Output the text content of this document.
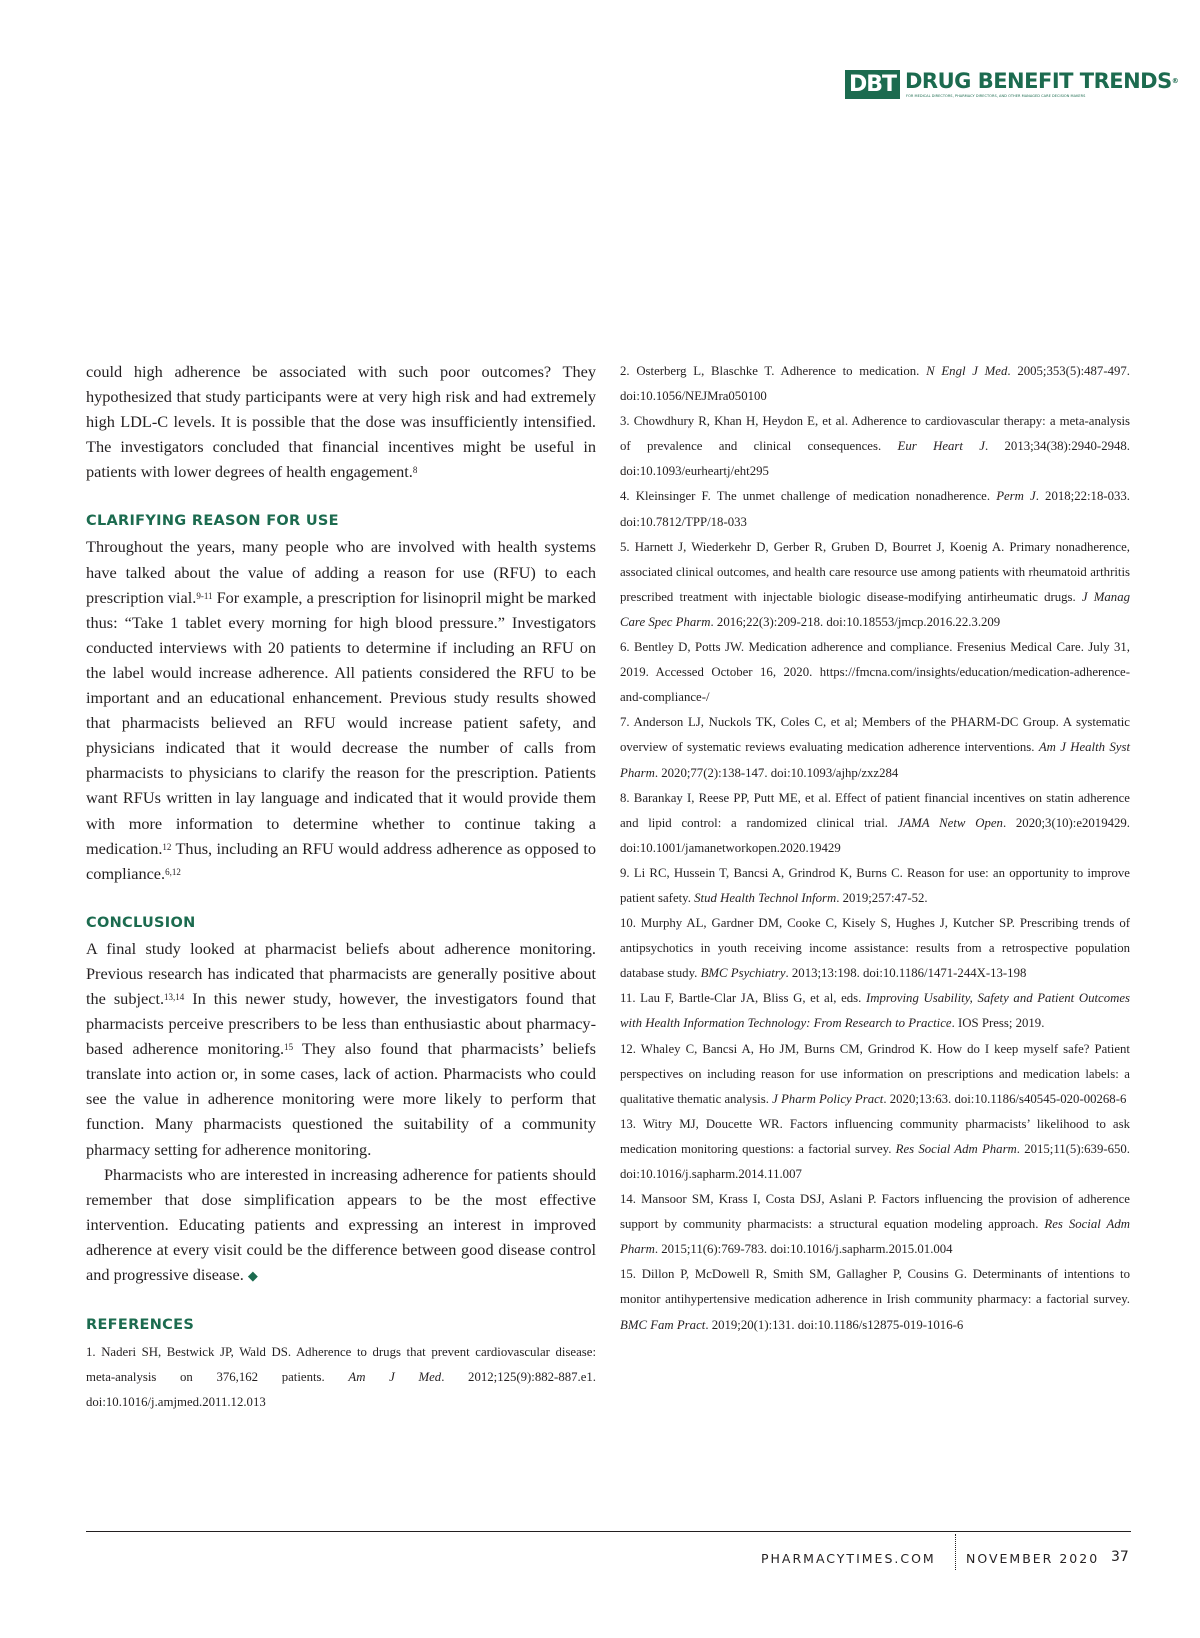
DBT DRUG BENEFIT TRENDS®
FOR MEDICAL DIRECTORS, PHARMACY DIRECTORS, AND OTHER MANAGED CARE DECISION MAKERS

could high adherence be associated with such poor outcomes? They hypothesized that study participants were at very high risk and had extremely high LDL-C levels. It is possible that the dose was insufficiently intensified. The investigators concluded that financial incentives might be useful in patients with lower degrees of health engagement.$^8$

CLARIFYING REASON FOR USE

Throughout the years, many people who are involved with health systems have talked about the value of adding a reason for use (RFU) to each prescription vial.$^{9-11}$ For example, a prescription for lisinopril might be marked thus: “Take 1 tablet every morning for high blood pressure.” Investigators conducted interviews with 20 patients to determine if including an RFU on the label would increase adherence. All patients considered the RFU to be important and an educational enhancement. Previous study results showed that pharmacists believed an RFU would increase patient safety, and physicians indicated that it would decrease the number of calls from pharmacists to physicians to clarify the reason for the prescription. Patients want RFUs written in lay language and indicated that it would provide them with more information to determine whether to continue taking a medication.$^{12}$ Thus, including an RFU would address adherence as opposed to compliance.$^{6,12}$

CONCLUSION

A final study looked at pharmacist beliefs about adherence monitoring. Previous research has indicated that pharmacists are generally positive about the subject.$^{13,14}$ In this newer study, however, the investigators found that pharmacists perceive prescribers to be less than enthusiastic about pharmacy-based adherence monitoring.$^{15}$ They also found that pharmacists’ beliefs translate into action or, in some cases, lack of action. Pharmacists who could see the value in adherence monitoring were more likely to perform that function. Many pharmacists questioned the suitability of a community pharmacy setting for adherence monitoring.

Pharmacists who are interested in increasing adherence for patients should remember that dose simplification appears to be the most effective intervention. Educating patients and expressing an interest in improved adherence at every visit could be the difference between good disease control and progressive disease. ◆

REFERENCES

1. Naderi SH, Bestwick JP, Wald DS. Adherence to drugs that prevent cardiovascular disease: meta-analysis on 376,162 patients. Am J Med. 2012;125(9):882-887.e1. doi:10.1016/j.amjmed.2011.12.013

2. Osterberg L, Blaschke T. Adherence to medication. N Engl J Med. 2005;353(5):487-497. doi:10.1056/NEJMra050100

3. Chowdhury R, Khan H, Heydon E, et al. Adherence to cardiovascular therapy: a meta-analysis of prevalence and clinical consequences. Eur Heart J. 2013;34(38):2940-2948. doi:10.1093/eurheartj/eht295

4. Kleinsinger F. The unmet challenge of medication nonadherence. Perm J. 2018;22:18-033. doi:10.7812/TPP/18-033

5. Harnett J, Wiederkehr D, Gerber R, Gruben D, Bourret J, Koenig A. Primary nonadherence, associated clinical outcomes, and health care resource use among patients with rheumatoid arthritis prescribed treatment with injectable biologic disease-modifying antirheumatic drugs. J Manag Care Spec Pharm. 2016;22(3):209-218. doi:10.18553/jmcp.2016.22.3.209

6. Bentley D, Potts JW. Medication adherence and compliance. Fresenius Medical Care. July 31, 2019. Accessed October 16, 2020. https://fmcna.com/insights/education/medication-adherence-and-compliance-/

7. Anderson LJ, Nuckols TK, Coles C, et al; Members of the PHARM-DC Group. A systematic overview of systematic reviews evaluating medication adherence interventions. Am J Health Syst Pharm. 2020;77(2):138-147. doi:10.1093/ajhp/zxz284

8. Barankay I, Reese PP, Putt ME, et al. Effect of patient financial incentives on statin adherence and lipid control: a randomized clinical trial. JAMA Netw Open. 2020;3(10):e2019429. doi:10.1001/jamanetworkopen.2020.19429

9. Li RC, Hussein T, Bancsi A, Grindrod K, Burns C. Reason for use: an opportunity to improve patient safety. Stud Health Technol Inform. 2019;257:47-52.

10. Murphy AL, Gardner DM, Cooke C, Kisely S, Hughes J, Kutcher SP. Prescribing trends of antipsychotics in youth receiving income assistance: results from a retrospective population database study. BMC Psychiatry. 2013;13:198. doi:10.1186/1471-244X-13-198

11. Lau F, Bartle-Clar JA, Bliss G, et al, eds. Improving Usability, Safety and Patient Outcomes with Health Information Technology: From Research to Practice. IOS Press; 2019.

12. Whaley C, Bancsi A, Ho JM, Burns CM, Grindrod K. How do I keep myself safe? Patient perspectives on including reason for use information on prescriptions and medication labels: a qualitative thematic analysis. J Pharm Policy Pract. 2020;13:63. doi:10.1186/s40545-020-00268-6

13. Witry MJ, Doucette WR. Factors influencing community pharmacists’ likelihood to ask medication monitoring questions: a factorial survey. Res Social Adm Pharm. 2015;11(5):639-650. doi:10.1016/j.sapharm.2014.11.007

14. Mansoor SM, Krass I, Costa DSJ, Aslani P. Factors influencing the provision of adherence support by community pharmacists: a structural equation modeling approach. Res Social Adm Pharm. 2015;11(6):769-783. doi:10.1016/j.sapharm.2015.01.004

15. Dillon P, McDowell R, Smith SM, Gallagher P, Cousins G. Determinants of intentions to monitor antihypertensive medication adherence in Irish community pharmacy: a factorial survey. BMC Fam Pract. 2019;20(1):131. doi:10.1186/s12875-019-1016-6

PHARMACYTIMES.COM NOVEMBER 2020 37
